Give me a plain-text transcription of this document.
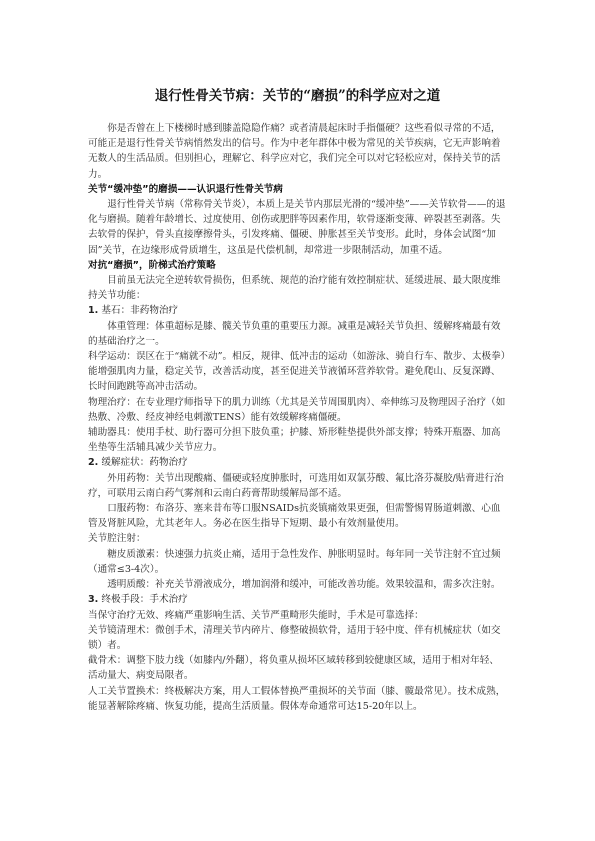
退行性骨关节病：关节的“磨损”的科学应对之道

你是否曾在上下楼梯时感到膝盖隐隐作痛？或者清晨起床时手指僵硬？这些看似寻常的不适，可能正是退行性骨关节病悄然发出的信号。作为中老年群体中极为常见的关节疾病，它无声影响着无数人的生活品质。但别担心，理解它、科学应对它，我们完全可以对它轻松应对，保持关节的活力。

关节“缓冲垫”的磨损——认识退行性骨关节病

退行性骨关节病（常称骨关节炎），本质上是关节内那层光滑的“缓冲垫”——关节软骨——的退化与磨损。随着年龄增长、过度使用、创伤或肥胖等因素作用，软骨逐渐变薄、碎裂甚至剥落。失去软骨的保护，骨头直接摩擦骨头，引发疼痛、僵硬、肿胀甚至关节变形。此时，身体会试图“加固”关节，在边缘形成骨质增生，这虽是代偿机制，却常进一步限制活动，加重不适。

对抗“磨损”，阶梯式治疗策略

目前虽无法完全逆转软骨损伤，但系统、规范的治疗能有效控制症状、延缓进展、最大限度维持关节功能：

1. 基石：非药物治疗

体重管理：体重超标是膝、髋关节负重的重要压力源。减重是减轻关节负担、缓解疼痛最有效的基础治疗之一。

科学运动：误区在于“痛就不动”。相反，规律、低冲击的运动（如游泳、骑自行车、散步、太极拳）能增强肌肉力量，稳定关节，改善活动度，甚至促进关节液循环营养软骨。避免爬山、反复深蹲、长时间跑跳等高冲击活动。

物理治疗：在专业理疗师指导下的肌力训练（尤其是关节周围肌肉）、牵伸练习及物理因子治疗（如热敷、冷敷、经皮神经电刺激TENS）能有效缓解疼痛僵硬。

辅助器具：使用手杖、助行器可分担下肢负重；护膝、矫形鞋垫提供外部支撑；特殊开瓶器、加高坐垫等生活辅具减少关节应力。

2. 缓解症状：药物治疗

外用药物：关节出现酸痛、僵硬或轻度肿胀时，可选用如双氯芬酸、氟比洛芬凝胶/贴膏进行治疗，可联用云南白药气雾剂和云南白药膏帮助缓解局部不适。

口服药物：布洛芬、塞来昔布等口服NSAIDs抗炎镇痛效果更强，但需警惕胃肠道刺激、心血管及肾脏风险，尤其老年人。务必在医生指导下短期、最小有效剂量使用。

关节腔注射：

糖皮质激素：快速强力抗炎止痛，适用于急性发作、肿胀明显时。每年同一关节注射不宜过频（通常≤3-4次）。

透明质酸：补充关节滑液成分，增加润滑和缓冲，可能改善功能。效果较温和，需多次注射。

3. 终极手段：手术治疗

当保守治疗无效、疼痛严重影响生活、关节严重畸形失能时，手术是可靠选择：

关节镜清理术：微创手术，清理关节内碎片、修整破损软骨，适用于轻中度、伴有机械症状（如交锁）者。

截骨术：调整下肢力线（如膝内/外翻），将负重从损坏区域转移到较健康区域，适用于相对年轻、活动量大、病变局限者。

人工关节置换术：终极解决方案，用人工假体替换严重损坏的关节面（膝、髋最常见）。技术成熟，能显著解除疼痛、恢复功能，提高生活质量。假体寿命通常可达15-20年以上。
